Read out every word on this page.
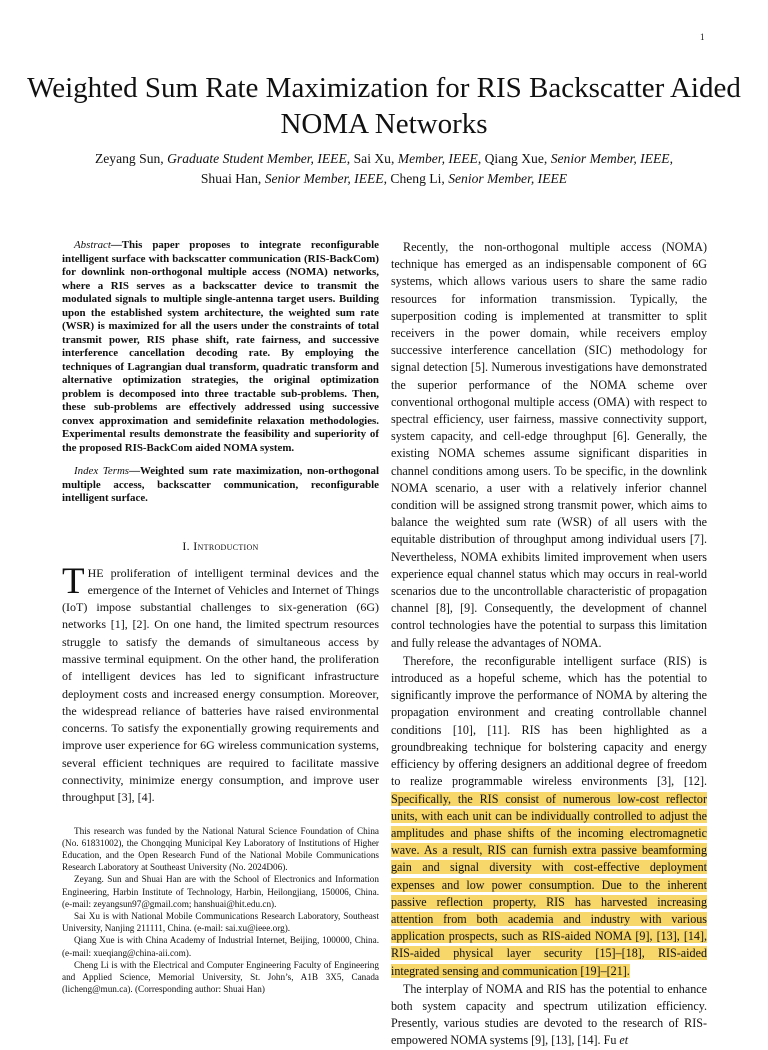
1
Weighted Sum Rate Maximization for RIS Backscatter Aided NOMA Networks
Zeyang Sun, Graduate Student Member, IEEE, Sai Xu, Member, IEEE, Qiang Xue, Senior Member, IEEE,
Shuai Han, Senior Member, IEEE, Cheng Li, Senior Member, IEEE

Abstract—This paper proposes to integrate reconfigurable intelligent surface with backscatter communication (RIS-BackCom) for downlink non-orthogonal multiple access (NOMA) networks, where a RIS serves as a backscatter device to transmit the modulated signals to multiple single-antenna target users. Building upon the established system architecture, the weighted sum rate (WSR) is maximized for all the users under the constraints of total transmit power, RIS phase shift, rate fairness, and successive interference cancellation decoding rate. By employing the techniques of Lagrangian dual transform, quadratic transform and alternative optimization strategies, the original optimization problem is decomposed into three tractable sub-problems. Then, these sub-problems are effectively addressed using successive convex approximation and semidefinite relaxation methodologies. Experimental results demonstrate the feasibility and superiority of the proposed RIS-BackCom aided NOMA system.

Index Terms—Weighted sum rate maximization, non-orthogonal multiple access, backscatter communication, reconfigurable intelligent surface.

I. Introduction

THE proliferation of intelligent terminal devices and the emergence of the Internet of Vehicles and Internet of Things (IoT) impose substantial challenges to six-generation (6G) networks [1], [2]. On one hand, the limited spectrum resources struggle to satisfy the demands of simultaneous access by massive terminal equipment. On the other hand, the proliferation of intelligent devices has led to significant infrastructure deployment costs and increased energy consumption. Moreover, the widespread reliance of batteries have raised environmental concerns. To satisfy the exponentially growing requirements and improve user experience for 6G wireless communication systems, several efficient techniques are required to facilitate massive connectivity, minimize energy consumption, and improve user throughput [3], [4].

This research was funded by the National Natural Science Foundation of China (No. 61831002), the Chongqing Municipal Key Laboratory of Institutions of Higher Education, and the Open Research Fund of the National Mobile Communications Research Laboratory at Southeast University (No. 2024D06).

Zeyang. Sun and Shuai Han are with the School of Electronics and Information Engineering, Harbin Institute of Technology, Harbin, Heilongjiang, 150006, China. (e-mail: zeyangsun97@gmail.com; hanshuai@hit.edu.cn).

Sai Xu is with National Mobile Communications Research Laboratory, Southeast University, Nanjing 211111, China. (e-mail: sai.xu@ieee.org).

Qiang Xue is with China Academy of Industrial Internet, Beijing, 100000, China. (e-mail: xueqiang@china-aii.com).

Cheng Li is with the Electrical and Computer Engineering Faculty of Engineering and Applied Science, Memorial University, St. John’s, A1B 3X5, Canada (licheng@mun.ca). (Corresponding author: Shuai Han)

Recently, the non-orthogonal multiple access (NOMA) technique has emerged as an indispensable component of 6G systems, which allows various users to share the same radio resources for information transmission. Typically, the superposition coding is implemented at transmitter to split receivers in the power domain, while receivers employ successive interference cancellation (SIC) methodology for signal detection [5]. Numerous investigations have demonstrated the superior performance of the NOMA scheme over conventional orthogonal multiple access (OMA) with respect to spectral efficiency, user fairness, massive connectivity support, system capacity, and cell-edge throughput [6]. Generally, the existing NOMA schemes assume significant disparities in channel conditions among users. To be specific, in the downlink NOMA scenario, a user with a relatively inferior channel condition will be assigned strong transmit power, which aims to balance the weighted sum rate (WSR) of all users with the equitable distribution of throughput among individual users [7]. Nevertheless, NOMA exhibits limited improvement when users experience equal channel status which may occurs in real-world scenarios due to the uncontrollable characteristic of propagation channel [8], [9]. Consequently, the development of channel control technologies have the potential to surpass this limitation and fully release the advantages of NOMA.

Therefore, the reconfigurable intelligent surface (RIS) is introduced as a hopeful scheme, which has the potential to significantly improve the performance of NOMA by altering the propagation environment and creating controllable channel conditions [10], [11]. RIS has been highlighted as a groundbreaking technique for bolstering capacity and energy efficiency by offering designers an additional degree of freedom to realize programmable wireless environments [3], [12]. Specifically, the RIS consist of numerous low-cost reflector units, with each unit can be individually controlled to adjust the amplitudes and phase shifts of the incoming electromagnetic wave. As a result, RIS can furnish extra passive beamforming gain and signal diversity with cost-effective deployment expenses and low power consumption. Due to the inherent passive reflection property, RIS has harvested increasing attention from both academia and industry with various application prospects, such as RIS-aided NOMA [9], [13], [14], RIS-aided physical layer security [15]–[18], RIS-aided integrated sensing and communication [19]–[21].

The interplay of NOMA and RIS has the potential to enhance both system capacity and spectrum utilization efficiency. Presently, various studies are devoted to the research of RIS-empowered NOMA systems [9], [13], [14]. Fu et
